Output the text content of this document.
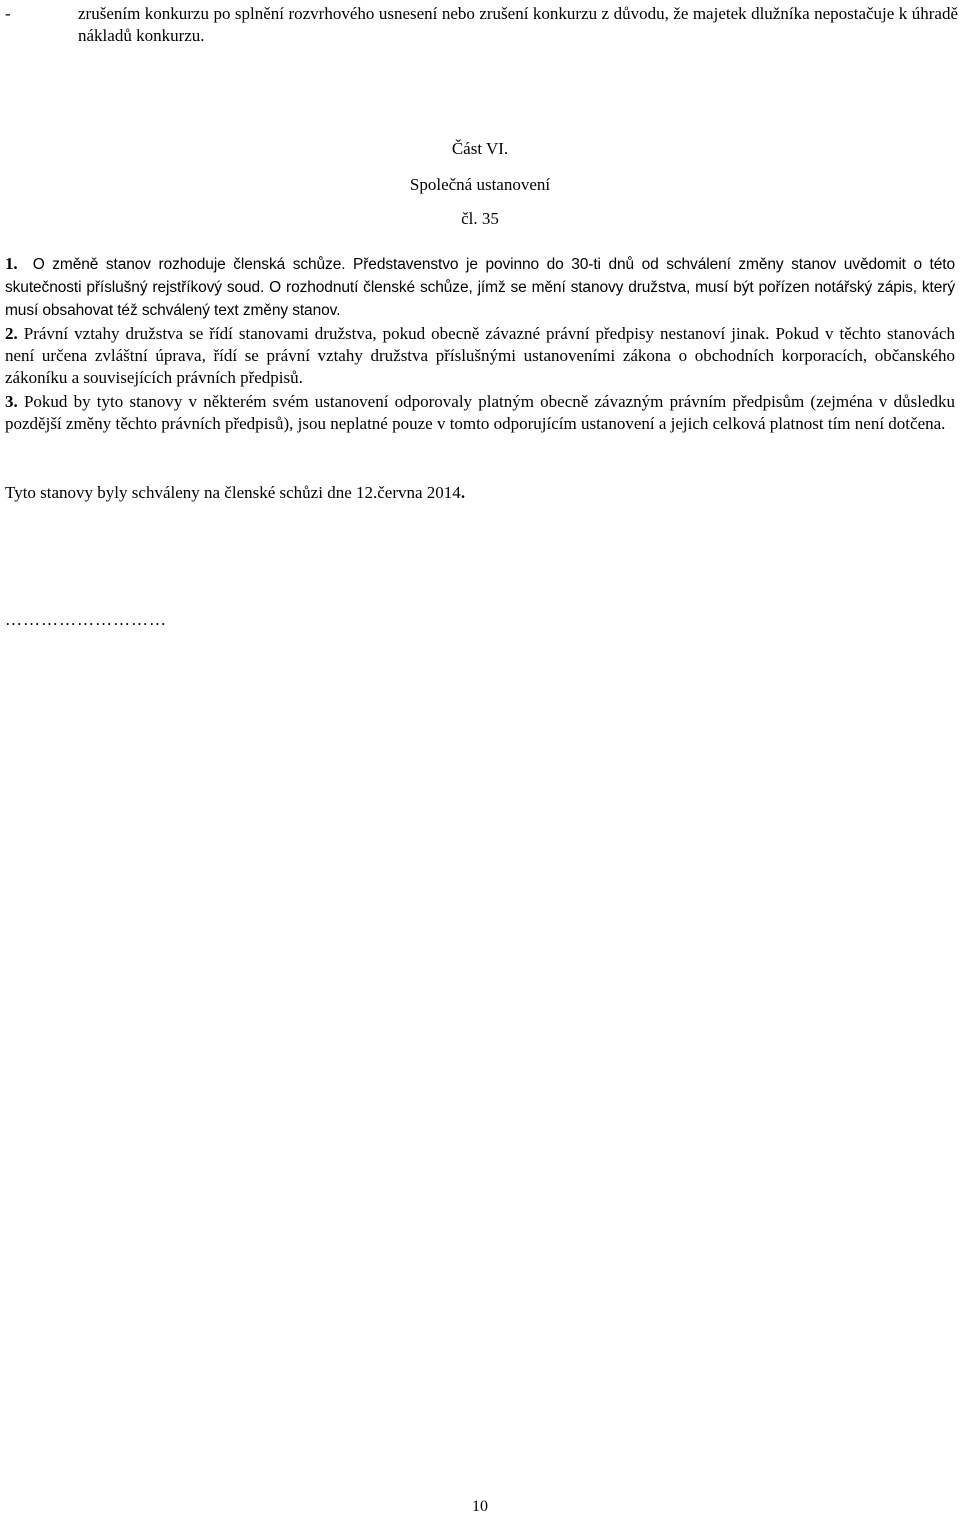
-	zrušením konkurzu po splnění rozvrhového usnesení nebo zrušení konkurzu z důvodu, že majetek dlužníka nepostačuje k úhradě nákladů konkurzu.
Část VI.
Společná ustanovení
čl. 35
1. O změně stanov rozhoduje členská schůze. Představenstvo je povinno do 30-ti dnů od schválení změny stanov uvědomit o této skutečnosti příslušný rejstříkový soud. O rozhodnutí členské schůze, jímž se mění stanovy družstva, musí být pořízen notářský zápis, který musí obsahovat též schválený text změny stanov.
2. Právní vztahy družstva se řídí stanovami družstva, pokud obecně závazné právní předpisy nestanoví jinak. Pokud v těchto stanovách není určena zvláštní úprava, řídí se právní vztahy družstva příslušnými ustanoveními zákona o obchodních korporacích, občanského zákoníku a souvisejících právních předpisů.
3. Pokud by tyto stanovy v některém svém ustanovení odporovaly platným obecně závazným právním předpisům (zejména v důsledku pozdější změny těchto právních předpisů), jsou neplatné pouze v tomto odporujícím ustanovení a jejich celková platnost tím není dotčena.
Tyto stanovy byly schváleny na členské schůzi dne 12.června 2014.
………………………
10
